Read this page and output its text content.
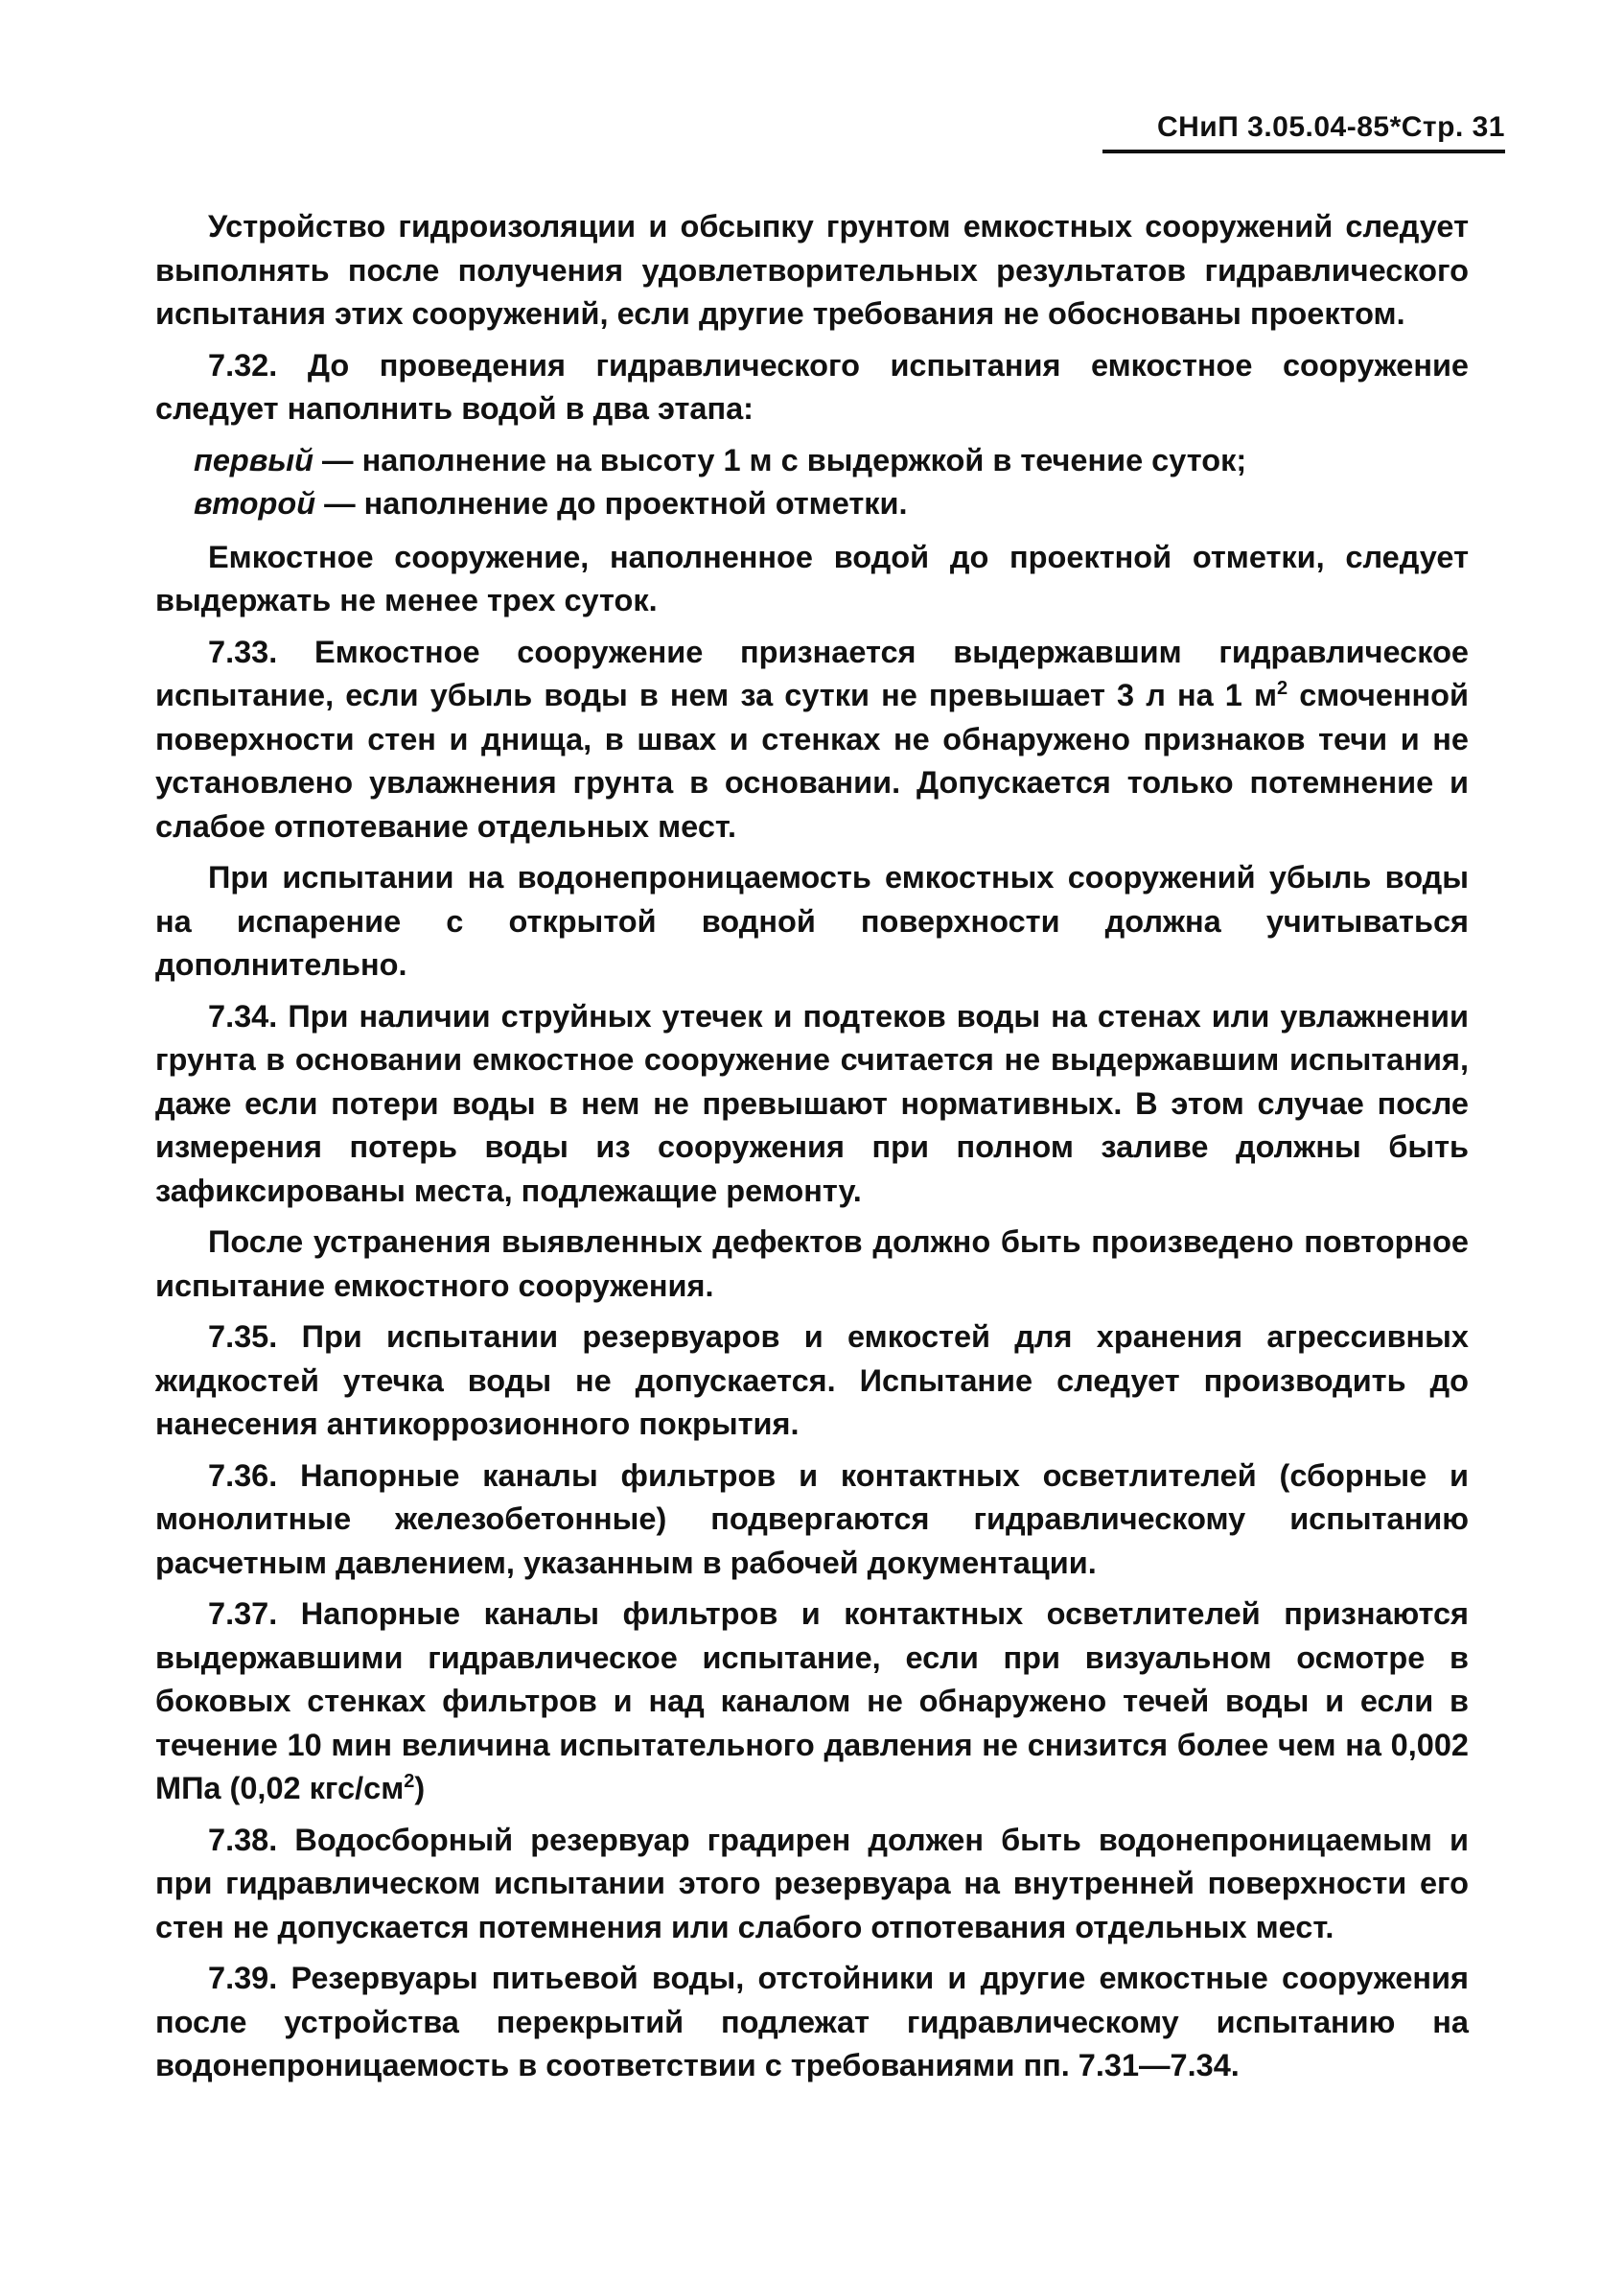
СНиП 3.05.04-85*Стр. 31

Устройство гидроизоляции и обсыпку грунтом емкостных сооружений следует выполнять после получения удовлетворительных результатов гидравлического испытания этих сооружений, если другие требования не обоснованы проектом.

7.32. До проведения гидравлического испытания емкостное сооружение следует наполнить водой в два этапа:

первый — наполнение на высоту 1 м с выдержкой в течение суток;

второй — наполнение до проектной отметки.

Емкостное сооружение, наполненное водой до проектной отметки, следует выдержать не менее трех суток.

7.33. Емкостное сооружение признается выдержавшим гидравлическое испытание, если убыль воды в нем за сутки не превышает 3 л на 1 $м^2$ смоченной поверхности стен и днища, в швах и стенках не обнаружено признаков течи и не установлено увлажнения грунта в основании. Допускается только потемнение и слабое отпотевание отдельных мест.

При испытании на водонепроницаемость емкостных сооружений убыль воды на испарение с открытой водной поверхности должна учитываться дополнительно.

7.34. При наличии струйных утечек и подтеков воды на стенах или увлажнении грунта в основании емкостное сооружение считается не выдержавшим испытания, даже если потери воды в нем не превышают нормативных. В этом случае после измерения потерь воды из сооружения при полном заливе должны быть зафиксированы места, подлежащие ремонту.

После устранения выявленных дефектов должно быть произведено повторное испытание емкостного сооружения.

7.35. При испытании резервуаров и емкостей для хранения агрессивных жидкостей утечка воды не допускается. Испытание следует производить до нанесения антикоррозионного покрытия.

7.36. Напорные каналы фильтров и контактных осветлителей (сборные и монолитные железобетонные) подвергаются гидравлическому испытанию расчетным давлением, указанным в рабочей документации.

7.37. Напорные каналы фильтров и контактных осветлителей признаются выдержавшими гидравлическое испытание, если при визуальном осмотре в боковых стенках фильтров и над каналом не обнаружено течей воды и если в течение 10 мин величина испытательного давления не снизится более чем на 0,002 МПа (0,02 кгс/$см^2$)

7.38. Водосборный резервуар градирен должен быть водонепроницаемым и при гидравлическом испытании этого резервуара на внутренней поверхности его стен не допускается потемнения или слабого отпотевания отдельных мест.

7.39. Резервуары питьевой воды, отстойники и другие емкостные сооружения после устройства перекрытий подлежат гидравлическому испытанию на водонепроницаемость в соответствии с требованиями пп. 7.31—7.34.
